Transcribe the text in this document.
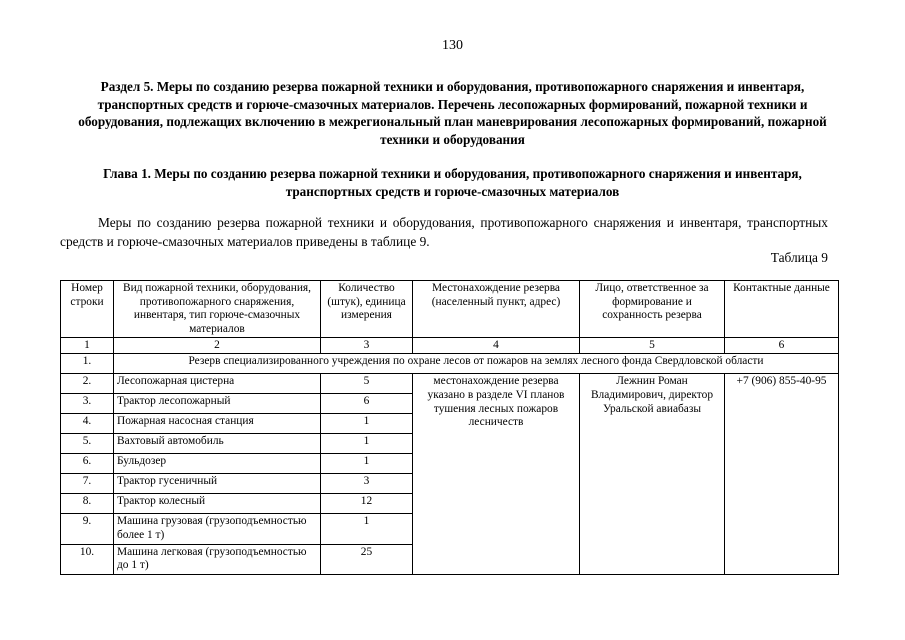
130
Раздел 5. Меры по созданию резерва пожарной техники и оборудования, противопожарного снаряжения и инвентаря, транспортных средств и горюче-смазочных материалов. Перечень лесопожарных формирований, пожарной техники и оборудования, подлежащих включению в межрегиональный план маневрирования лесопожарных формирований, пожарной техники и оборудования
Глава 1. Меры по созданию резерва пожарной техники и оборудования, противопожарного снаряжения и инвентаря, транспортных средств и горюче-смазочных материалов
Меры по созданию резерва пожарной техники и оборудования, противопожарного снаряжения и инвентаря, транспортных средств и горюче-смазочных материалов приведены в таблице 9.
Таблица 9
Номер строки	Вид пожарной техники, оборудования, противопожарного снаряжения, инвентаря, тип горюче-смазочных материалов	Количество (штук), единица измерения	Местонахождение резерва (населенный пункт, адрес)	Лицо, ответственное за формирование и сохранность резерва	Контактные данные
1	2	3	4	5	6
1.	Резерв специализированного учреждения по охране лесов от пожаров на землях лесного фонда Свердловской области				
2.	Лесопожарная цистерна	5	местонахождение резерва указано в разделе VI планов тушения лесных пожаров лесничеств	Лежнин Роман Владимирович, директор Уральской авиабазы	+7 (906) 855-40-95
3.	Трактор лесопожарный	6			
4.	Пожарная насосная станция	1			
5.	Вахтовый автомобиль	1			
6.	Бульдозер	1			
7.	Трактор гусеничный	3			
8.	Трактор колесный	12			
9.	Машина грузовая (грузоподъемностью более 1 т)	1			
10.	Машина легковая (грузоподъемностью до 1 т)	25			
